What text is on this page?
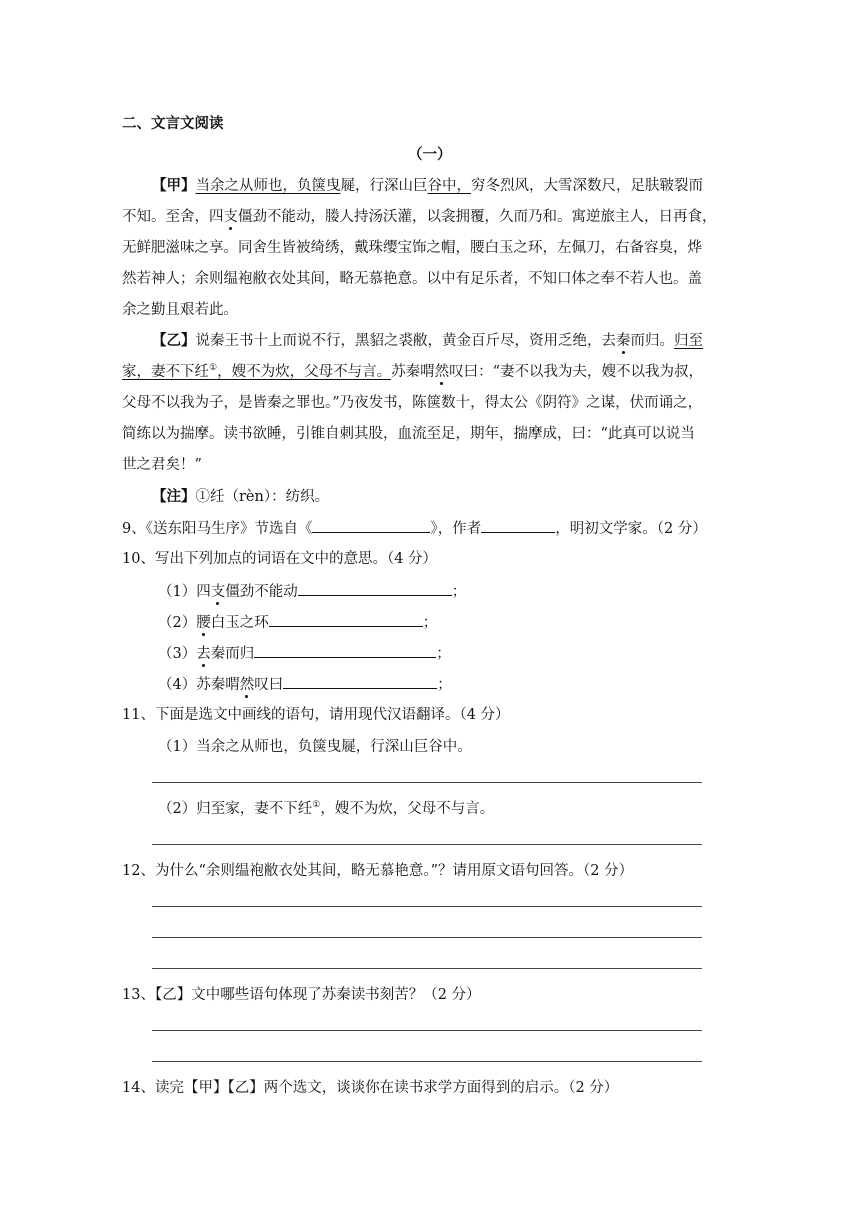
二、文言文阅读
（一）
【甲】当余之从师也，负箧曳屣，行深山巨谷中，穷冬烈风，大雪深数尺，足肤皲裂而
不知。至舍，四支僵劲不能动，媵人持汤沃灌，以衾拥覆，久而乃和。寓逆旅主人，日再食，
无鲜肥滋味之享。同舍生皆被绮绣，戴珠缨宝饰之帽，腰白玉之环，左佩刀，右备容臭，烨
然若神人；余则缊袍敝衣处其间，略无慕艳意。以中有足乐者，不知口体之奉不若人也。盖
余之勤且艰若此。
【乙】说秦王书十上而说不行，黑貂之裘敝，黄金百斤尽，资用乏绝，去秦而归。归至
家，妻不下纴①，嫂不为炊，父母不与言。苏秦喟然叹曰：“妻不以我为夫，嫂不以我为叔，
父母不以我为子，是皆秦之罪也。”乃夜发书，陈箧数十，得太公《阴符》之谋，伏而诵之，
简练以为揣摩。读书欲睡，引锥自刺其股，血流至足，期年，揣摩成，曰：“此真可以说当
世之君矣！”
【注】①纴（rèn）：纺织。
9、《送东阳马生序》节选自《	》，作者	，明初文学家。（2 分）
10、写出下列加点的词语在文中的意思。（4 分）
（1）四支僵劲不能动	；
（2）腰白玉之环	；
（3）去秦而归	；
（4）苏秦喟然叹曰	；
11、下面是选文中画线的语句，请用现代汉语翻译。（4 分）
（1）当余之从师也，负箧曳屣，行深山巨谷中。
（2）归至家，妻不下纴①，嫂不为炊，父母不与言。
12、为什么“余则缊袍敝衣处其间，略无慕艳意。”？请用原文语句回答。（2 分）
13、【乙】文中哪些语句体现了苏秦读书刻苦？（2 分）
14、读完【甲】【乙】两个选文，谈谈你在读书求学方面得到的启示。（2 分）
